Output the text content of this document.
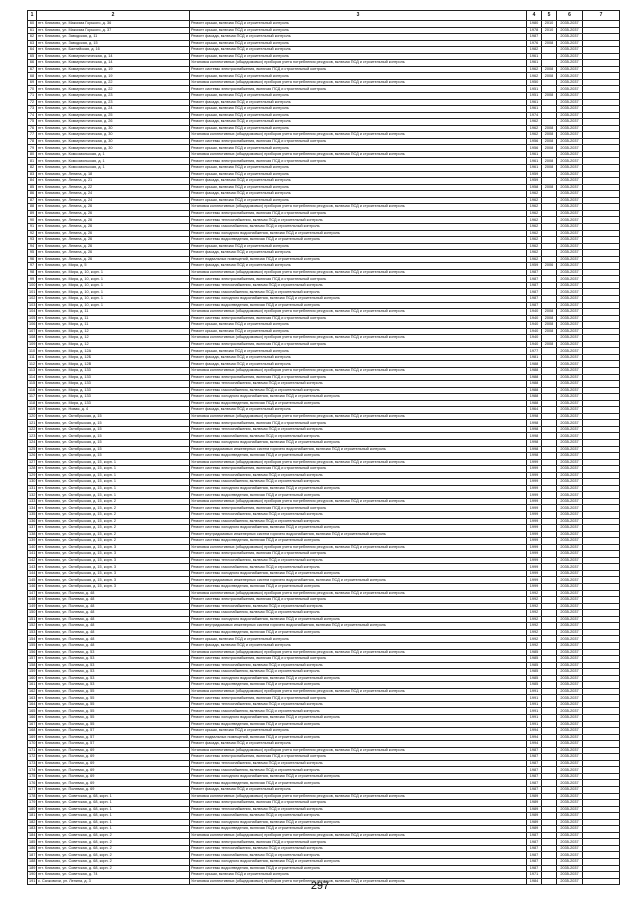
1	2	3	4	5	6	7
60	пгт. Климово, ул. Максима Горького, д. 36	Ремонт крыши, включая ПСД и строительный контроль	1980	2010	2035-2037	
61	пгт. Климово, ул. Максима Горького, д. 37	Ремонт крыши, включая ПСД и строительный контроль	1978	2010	2035-2037	
62	пгт. Климово, ул. Заводская, д. 11	Ремонт фасада, включая ПСД и строительный контроль	1987		2035-2037	
63	пгт. Климово, ул. Заводская, д. 15	Ремонт крыши, включая ПСД и строительный контроль	1976	2008	2035-2037	
64	пгт. Климово, ул. Балтийская, д. 16	Ремонт фасада, включая ПСД и строительный контроль	1982		2035-2037	
65	пгт. Климово, ул. Коммунистическая, д. 14	Ремонт крыши, включая ПСД и строительный контроль	1961		2035-2037	
66	пгт. Климово, ул. Коммунистическая, д. 14	Установка коллективных (общедомовых) приборов учета потребления ресурсов, включая ПСД и строительный контроль	1961		2035-2037	
67	пгт. Климово, ул. Коммунистическая, д. 19	Ремонт системы электроснабжения, включая ПСД и строительный контроль	1962	2008	2035-2037	
68	пгт. Климово, ул. Коммунистическая, д. 19	Ремонт крыши, включая ПСД и строительный контроль	1962	2008	2035-2037	
69	пгт. Климово, ул. Коммунистическая, д. 22	Установка коллективных (общедомовых) приборов учета потребления ресурсов, включая ПСД и строительный контроль	1950		2035-2037	
70	пгт. Климово, ул. Коммунистическая, д. 22	Ремонт системы электроснабжения, включая ПСД и строительный контроль	1951		2035-2037	
71	пгт. Климово, ул. Коммунистическая, д. 23	Ремонт крыши, включая ПСД и строительный контроль	1951	2008	2035-2037	
72	пгт. Климово, ул. Коммунистическая, д. 23	Ремонт фасада, включая ПСД и строительный контроль	1961		2035-2037	
73	пгт. Климово, ул. Коммунистическая, д. 24	Ремонт крыши, включая ПСД и строительный контроль	1961		2035-2037	
74	пгт. Климово, ул. Коммунистическая, д. 25	Ремонт крыши, включая ПСД и строительный контроль	1974		2035-2037	
75	пгт. Климово, ул. Коммунистическая, д. 26	Ремонт фасада, включая ПСД и строительный контроль	1962		2035-2037	
76	пгт. Климово, ул. Коммунистическая, д. 30	Ремонт крыши, включая ПСД и строительный контроль	1962	2008	2035-2037	
77	пгт. Климово, ул. Коммунистическая, д. 30	Установка коллективных (общедомовых) приборов учета потребления ресурсов, включая ПСД и строительный контроль	1962	2008	2035-2037	
78	пгт. Климово, ул. Коммунистическая, д. 30	Ремонт системы электроснабжения, включая ПСД и строительный контроль	1956	2008	2035-2037	
79	пгт. Климово, ул. Коммунистическая, д. 30	Ремонт крыши, включая ПСД и строительный контроль	1956	2008	2035-2037	
80	пгт. Климово, ул. Комсомольская, д. 1	Установка коллективных (общедомовых) приборов учета потребления ресурсов, включая ПСД и строительный контроль	1961		2035-2037	
81	пгт. Климово, ул. Комсомольская, д. 1	Ремонт системы электроснабжения, включая ПСД и строительный контроль	1961	2008	2035-2037	
82	пгт. Климово, ул. Комсомольская, д. 1	Ремонт крыши, включая ПСД и строительный контроль	1961	2008	2035-2037	
83	пгт. Климово, ул. Ленина, д. 18	Ремонт крыши, включая ПСД и строительный контроль	1959		2035-2037	
84	пгт. Климово, ул. Ленина, д. 21	Ремонт фасада, включая ПСД и строительный контроль	1959		2035-2037	
85	пгт. Климово, ул. Ленина, д. 22	Ремонт крыши, включая ПСД и строительный контроль	1958	2008	2035-2037	
86	пгт. Климово, ул. Ленина, д. 24	Ремонт фасада, включая ПСД и строительный контроль	1962		2035-2037	
87	пгт. Климово, ул. Ленина, д. 24	Ремонт крыши, включая ПСД и строительный контроль	1962		2035-2037	
88	пгт. Климово, ул. Ленина, д. 26	Установка коллективных (общедомовых) приборов учета потребления ресурсов, включая ПСД и строительный контроль	1962		2035-2037	
89	пгт. Климово, ул. Ленина, д. 26	Ремонт системы электроснабжения, включая ПСД и строительный контроль	1962		2035-2037	
90	пгт. Климово, ул. Ленина, д. 26	Ремонт системы теплоснабжения, включая ПСД и строительный контроль	1962		2035-2037	
91	пгт. Климово, ул. Ленина, д. 26	Ремонт системы газоснабжения, включая ПСД и строительный контроль	1962		2035-2037	
92	пгт. Климово, ул. Ленина, д. 26	Ремонт системы холодного водоснабжения, включая ПСД и строительный контроль	1962		2035-2037	
93	пгт. Климово, ул. Ленина, д. 26	Ремонт системы водоотведения, включая ПСД и строительный контроль	1962		2035-2037	
94	пгт. Климово, ул. Ленина, д. 26	Ремонт крыши, включая ПСД и строительный контроль	1962		2035-2037	
95	пгт. Климово, ул. Ленина, д. 26	Ремонт фасада, включая ПСД и строительный контроль	1962		2035-2037	
96	пгт. Климово, ул. Ленина, д. 26	Ремонт подвальных помещений, включая ПСД и строительный контроль	1962		2035-2037	
97	пгт. Климово, ул. Мира, д. 5	Ремонт фасада, включая ПСД и строительный контроль	1959	2006	2035-2037	
98	пгт. Климово, ул. Мира, д. 10, корп. 1	Установка коллективных (общедомовых) приборов учета потребления ресурсов, включая ПСД и строительный контроль	1987		2035-2037	
99	пгт. Климово, ул. Мира, д. 10, корп. 1	Ремонт системы электроснабжения, включая ПСД и строительный контроль	1987		2035-2037	
100	пгт. Климово, ул. Мира, д. 10, корп. 1	Ремонт системы теплоснабжения, включая ПСД и строительный контроль	1987		2035-2037	
101	пгт. Климово, ул. Мира, д. 10, корп. 1	Ремонт системы газоснабжения, включая ПСД и строительный контроль	1987		2035-2037	
102	пгт. Климово, ул. Мира, д. 10, корп. 1	Ремонт системы холодного водоснабжения, включая ПСД и строительный контроль	1987		2035-2037	
103	пгт. Климово, ул. Мира, д. 10, корп. 1	Ремонт системы водоотведения, включая ПСД и строительный контроль	1987		2035-2037	
104	пгт. Климово, ул. Мира, д. 11	Установка коллективных (общедомовых) приборов учета потребления ресурсов, включая ПСД и строительный контроль	1940	2008	2035-2037	
105	пгт. Климово, ул. Мира, д. 11	Ремонт системы электроснабжения, включая ПСД и строительный контроль	1940	2008	2035-2037	
106	пгт. Климово, ул. Мира, д. 11	Ремонт крыши, включая ПСД и строительный контроль	1940	2008	2035-2037	
107	пгт. Климово, ул. Мира, д. 12	Ремонт крыши, включая ПСД и строительный контроль	1940	2008	2035-2037	
108	пгт. Климово, ул. Мира, д. 12	Установка коллективных (общедомовых) приборов учета потребления ресурсов, включая ПСД и строительный контроль	1940		2035-2037	
109	пгт. Климово, ул. Мира, д. 12	Ремонт системы электроснабжения, включая ПСД и строительный контроль	1940	2008	2035-2037	
110	пгт. Климово, ул. Мира, д. 12А	Ремонт крыши, включая ПСД и строительный контроль	1977		2035-2037	
111	пгт. Климово, ул. Мира, д. 12Б	Ремонт фасада, включая ПСД и строительный контроль	1981		2035-2037	
112	пгт. Климово, ул. Мира, д. 12В	Ремонт фасада, включая ПСД и строительный контроль	1988		2035-2037	
113	пгт. Климово, ул. Мира, д. 133	Установка коллективных (общедомовых) приборов учета потребления ресурсов, включая ПСД и строительный контроль	1988		2035-2037	
114	пгт. Климово, ул. Мира, д. 133	Ремонт системы электроснабжения, включая ПСД и строительный контроль	1988		2035-2037	
115	пгт. Климово, ул. Мира, д. 133	Ремонт системы теплоснабжения, включая ПСД и строительный контроль	1988		2035-2037	
116	пгт. Климово, ул. Мира, д. 133	Ремонт системы газоснабжения, включая ПСД и строительный контроль	1988		2035-2037	
117	пгт. Климово, ул. Мира, д. 133	Ремонт системы холодного водоснабжения, включая ПСД и строительный контроль	1988		2035-2037	
118	пгт. Климово, ул. Мира, д. 133	Ремонт системы водоотведения, включая ПСД и строительный контроль	1988		2035-2037	
119	пгт. Климово, ул. Новая, д. 4	Ремонт фасада, включая ПСД и строительный контроль	1964		2035-2037	
120	пгт. Климово, ул. Октябрьская, д. 15	Установка коллективных (общедомовых) приборов учета потребления ресурсов, включая ПСД и строительный контроль	1998		2035-2037	
121	пгт. Климово, ул. Октябрьская, д. 15	Ремонт системы электроснабжения, включая ПСД и строительный контроль	1998		2035-2037	
122	пгт. Климово, ул. Октябрьская, д. 15	Ремонт системы теплоснабжения, включая ПСД и строительный контроль	1998		2035-2037	
123	пгт. Климово, ул. Октябрьская, д. 15	Ремонт системы газоснабжения, включая ПСД и строительный контроль	1998		2035-2037	
124	пгт. Климово, ул. Октябрьская, д. 15	Ремонт системы холодного водоснабжения, включая ПСД и строительный контроль	1998		2035-2037	
125	пгт. Климово, ул. Октябрьская, д. 15	Ремонт внутридомовых инженерных систем горячего водоснабжения, включая ПСД и строительный контроль	1998		2035-2037	
126	пгт. Климово, ул. Октябрьская, д. 15	Ремонт системы водоотведения, включая ПСД и строительный контроль	1998		2035-2037	
127	пгт. Климово, ул. Октябрьская, д. 15, корп. 1	Установка коллективных (общедомовых) приборов учета потребления ресурсов, включая ПСД и строительный контроль	1999		2035-2037	
128	пгт. Климово, ул. Октябрьская, д. 15, корп. 1	Ремонт системы электроснабжения, включая ПСД и строительный контроль	1999		2035-2037	
129	пгт. Климово, ул. Октябрьская, д. 15, корп. 1	Ремонт системы теплоснабжения, включая ПСД и строительный контроль	1999		2035-2037	
130	пгт. Климово, ул. Октябрьская, д. 15, корп. 1	Ремонт системы газоснабжения, включая ПСД и строительный контроль	1999		2035-2037	
131	пгт. Климово, ул. Октябрьская, д. 15, корп. 1	Ремонт системы холодного водоснабжения, включая ПСД и строительный контроль	1999		2035-2037	
132	пгт. Климово, ул. Октябрьская, д. 15, корп. 1	Ремонт системы водоотведения, включая ПСД и строительный контроль	1999		2035-2037	
133	пгт. Климово, ул. Октябрьская, д. 15, корп. 2	Установка коллективных (общедомовых) приборов учета потребления ресурсов, включая ПСД и строительный контроль	1999		2035-2037	
134	пгт. Климово, ул. Октябрьская, д. 15, корп. 2	Ремонт системы электроснабжения, включая ПСД и строительный контроль	1999		2035-2037	
135	пгт. Климово, ул. Октябрьская, д. 15, корп. 2	Ремонт системы теплоснабжения, включая ПСД и строительный контроль	1999		2035-2037	
136	пгт. Климово, ул. Октябрьская, д. 15, корп. 2	Ремонт системы газоснабжения, включая ПСД и строительный контроль	1999		2035-2037	
137	пгт. Климово, ул. Октябрьская, д. 15, корп. 2	Ремонт системы холодного водоснабжения, включая ПСД и строительный контроль	1999		2035-2037	
138	пгт. Климово, ул. Октябрьская, д. 15, корп. 2	Ремонт внутридомовых инженерных систем горячего водоснабжения, включая ПСД и строительный контроль	1999		2035-2037	
139	пгт. Климово, ул. Октябрьская, д. 15, корп. 2	Ремонт системы водоотведения, включая ПСД и строительный контроль	1999		2035-2037	
140	пгт. Климово, ул. Октябрьская, д. 15, корп. 3	Установка коллективных (общедомовых) приборов учета потребления ресурсов, включая ПСД и строительный контроль	1999		2035-2037	
141	пгт. Климово, ул. Октябрьская, д. 15, корп. 3	Ремонт системы электроснабжения, включая ПСД и строительный контроль	1999		2035-2037	
142	пгт. Климово, ул. Октябрьская, д. 15, корп. 3	Ремонт системы теплоснабжения, включая ПСД и строительный контроль	1999		2035-2037	
143	пгт. Климово, ул. Октябрьская, д. 15, корп. 3	Ремонт системы газоснабжения, включая ПСД и строительный контроль	1999		2035-2037	
144	пгт. Климово, ул. Октябрьская, д. 15, корп. 3	Ремонт системы холодного водоснабжения, включая ПСД и строительный контроль	1999		2035-2037	
145	пгт. Климово, ул. Октябрьская, д. 15, корп. 3	Ремонт внутридомовых инженерных систем горячего водоснабжения, включая ПСД и строительный контроль	1999		2035-2037	
146	пгт. Климово, ул. Октябрьская, д. 15, корп. 3	Ремонт системы водоотведения, включая ПСД и строительный контроль	1999		2035-2037	
147	пгт. Климово, ул. Полевая, д. 48	Установка коллективных (общедомовых) приборов учета потребления ресурсов, включая ПСД и строительный контроль	1992		2035-2037	
148	пгт. Климово, ул. Полевая, д. 48	Ремонт системы электроснабжения, включая ПСД и строительный контроль	1992		2035-2037	
149	пгт. Климово, ул. Полевая, д. 48	Ремонт системы теплоснабжения, включая ПСД и строительный контроль	1992		2035-2037	
150	пгт. Климово, ул. Полевая, д. 48	Ремонт системы газоснабжения, включая ПСД и строительный контроль	1992		2035-2037	
151	пгт. Климово, ул. Полевая, д. 48	Ремонт системы холодного водоснабжения, включая ПСД и строительный контроль	1992		2035-2037	
152	пгт. Климово, ул. Полевая, д. 48	Ремонт внутридомовых инженерных систем горячего водоснабжения, включая ПСД и строительный контроль	1992		2035-2037	
153	пгт. Климово, ул. Полевая, д. 48	Ремонт системы водоотведения, включая ПСД и строительный контроль	1992		2035-2037	
154	пгт. Климово, ул. Полевая, д. 48	Ремонт крыши, включая ПСД и строительный контроль	1992		2035-2037	
155	пгт. Климово, ул. Полевая, д. 48	Ремонт фасада, включая ПСД и строительный контроль	1992		2035-2037	
156	пгт. Климово, ул. Полевая, д. 53	Установка коллективных (общедомовых) приборов учета потребления ресурсов, включая ПСД и строительный контроль	1985		2035-2037	
157	пгт. Климово, ул. Полевая, д. 53	Ремонт системы электроснабжения, включая ПСД и строительный контроль	1985		2035-2037	
158	пгт. Климово, ул. Полевая, д. 53	Ремонт системы теплоснабжения, включая ПСД и строительный контроль	1985		2035-2037	
159	пгт. Климово, ул. Полевая, д. 53	Ремонт системы газоснабжения, включая ПСД и строительный контроль	1985		2035-2037	
160	пгт. Климово, ул. Полевая, д. 53	Ремонт системы холодного водоснабжения, включая ПСД и строительный контроль	1985		2035-2037	
161	пгт. Климово, ул. Полевая, д. 53	Ремонт системы водоотведения, включая ПСД и строительный контроль	1985		2035-2037	
162	пгт. Климово, ул. Полевая, д. 55	Установка коллективных (общедомовых) приборов учета потребления ресурсов, включая ПСД и строительный контроль	1991		2035-2037	
163	пгт. Климово, ул. Полевая, д. 55	Ремонт системы электроснабжения, включая ПСД и строительный контроль	1991		2035-2037	
164	пгт. Климово, ул. Полевая, д. 55	Ремонт системы теплоснабжения, включая ПСД и строительный контроль	1991		2035-2037	
165	пгт. Климово, ул. Полевая, д. 55	Ремонт системы газоснабжения, включая ПСД и строительный контроль	1991		2035-2037	
166	пгт. Климово, ул. Полевая, д. 55	Ремонт системы холодного водоснабжения, включая ПСД и строительный контроль	1991		2035-2037	
167	пгт. Климово, ул. Полевая, д. 55	Ремонт системы водоотведения, включая ПСД и строительный контроль	1991		2035-2037	
168	пгт. Климово, ул. Полевая, д. 57	Ремонт крыши, включая ПСД и строительный контроль	1994		2035-2037	
169	пгт. Климово, ул. Полевая, д. 57	Ремонт подвальных помещений, включая ПСД и строительный контроль	1994		2035-2037	
170	пгт. Климово, ул. Полевая, д. 57	Ремонт фасада, включая ПСД и строительный контроль	1994		2035-2037	
171	пгт. Климово, ул. Полевая, д. 69	Установка коллективных (общедомовых) приборов учета потребления ресурсов, включая ПСД и строительный контроль	1987		2035-2037	
172	пгт. Климово, ул. Полевая, д. 69	Ремонт системы электроснабжения, включая ПСД и строительный контроль	1987		2035-2037	
173	пгт. Климово, ул. Полевая, д. 69	Ремонт системы теплоснабжения, включая ПСД и строительный контроль	1987		2035-2037	
174	пгт. Климово, ул. Полевая, д. 69	Ремонт системы газоснабжения, включая ПСД и строительный контроль	1987		2035-2037	
175	пгт. Климово, ул. Полевая, д. 69	Ремонт системы холодного водоснабжения, включая ПСД и строительный контроль	1987		2035-2037	
176	пгт. Климово, ул. Полевая, д. 69	Ремонт системы водоотведения, включая ПСД и строительный контроль	1987		2035-2037	
177	пгт. Климово, ул. Полевая, д. 69	Ремонт фасада, включая ПСД и строительный контроль	1987		2035-2037	
178	пгт. Климово, ул. Советская, д. 68, корп. 1	Установка коллективных (общедомовых) приборов учета потребления ресурсов, включая ПСД и строительный контроль	1989		2035-2037	
179	пгт. Климово, ул. Советская, д. 68, корп. 1	Ремонт системы электроснабжения, включая ПСД и строительный контроль	1989		2035-2037	
180	пгт. Климово, ул. Советская, д. 68, корп. 1	Ремонт системы теплоснабжения, включая ПСД и строительный контроль	1989		2035-2037	
181	пгт. Климово, ул. Советская, д. 68, корп. 1	Ремонт системы газоснабжения, включая ПСД и строительный контроль	1989		2035-2037	
182	пгт. Климово, ул. Советская, д. 68, корп. 1	Ремонт системы холодного водоснабжения, включая ПСД и строительный контроль	1989		2035-2037	
183	пгт. Климово, ул. Советская, д. 68, корп. 1	Ремонт системы водоотведения, включая ПСД и строительный контроль	1989		2035-2037	
184	пгт. Климово, ул. Советская, д. 68, корп. 2	Установка коллективных (общедомовых) приборов учета потребления ресурсов, включая ПСД и строительный контроль	1987		2035-2037	
185	пгт. Климово, ул. Советская, д. 68, корп. 2	Ремонт системы электроснабжения, включая ПСД и строительный контроль	1987		2035-2037	
186	пгт. Климово, ул. Советская, д. 68, корп. 2	Ремонт системы теплоснабжения, включая ПСД и строительный контроль	1987		2035-2037	
187	пгт. Климово, ул. Советская, д. 68, корп. 2	Ремонт системы газоснабжения, включая ПСД и строительный контроль	1987		2035-2037	
188	пгт. Климово, ул. Советская, д. 68, корп. 2	Ремонт системы холодного водоснабжения, включая ПСД и строительный контроль	1987		2035-2037	
189	пгт. Климово, ул. Советская, д. 68, корп. 2	Ремонт системы водоотведения, включая ПСД и строительный контроль	1987		2035-2037	
190	пгт. Климово, ул. Советская, д. 74	Ремонт крыши, включая ПСД и строительный контроль	1971		2035-2037	
191	с. Сачковичи, ул. Ленина, д. 3	Установка коллективных (общедомовых) приборов учета потребления ресурсов, включая ПСД и строительный контроль	1984		2035-2037	
297
